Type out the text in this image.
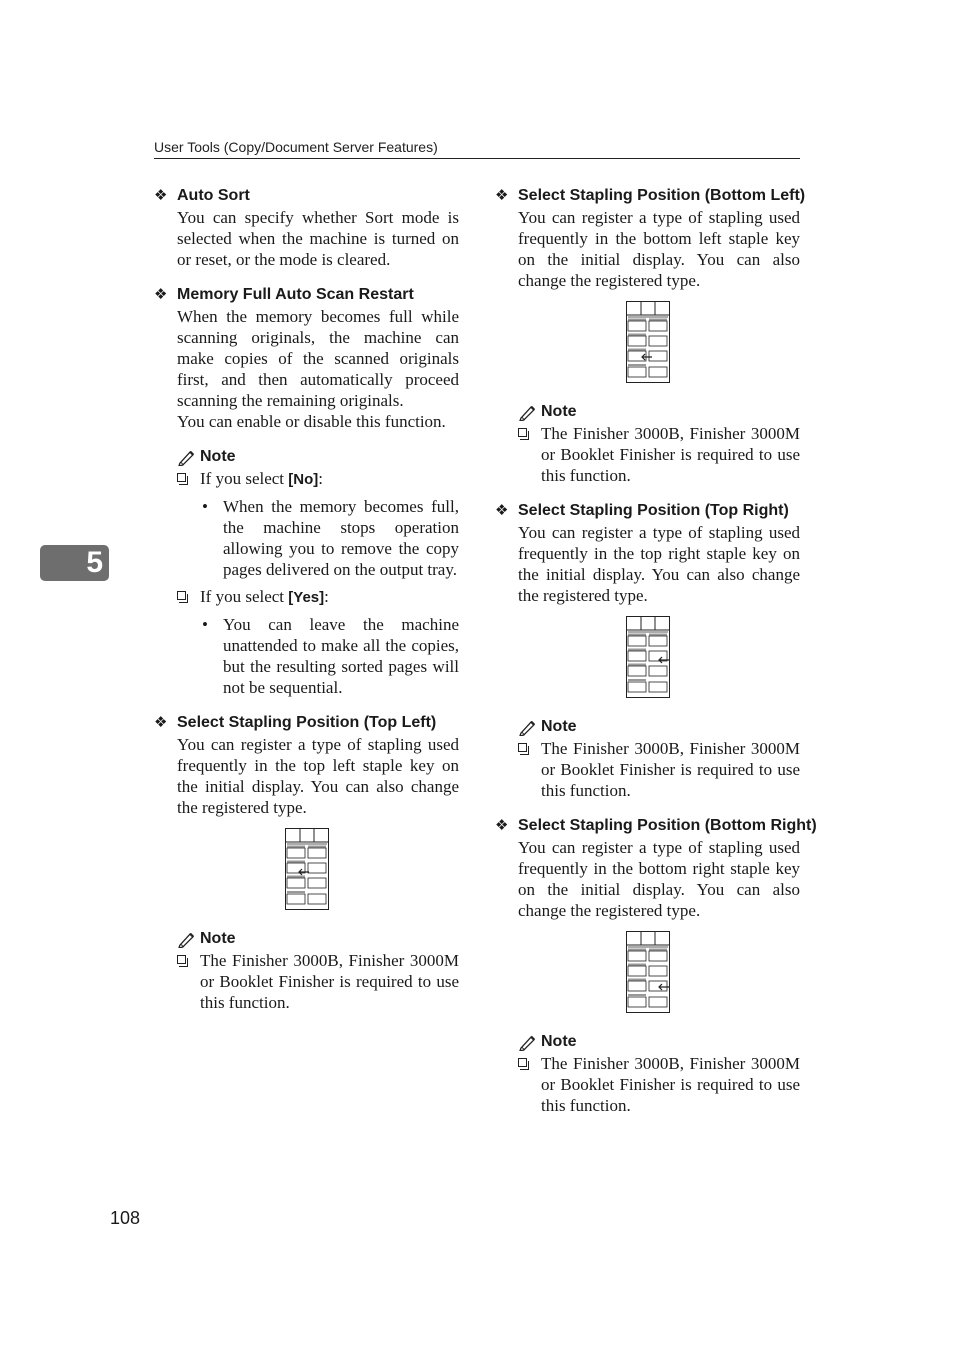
User Tools (Copy/Document Server Features)
5
108
❖ Auto Sort
You can specify whether Sort mode is selected when the machine is turned on or reset, or the mode is cleared.
❖ Memory Full Auto Scan Restart

When the memory becomes full while scanning originals, the machine can make copies of the scanned originals first, and then automatically proceed scanning the remaining originals.

You can enable or disable this function.

Note
If you select [No]:
• When the memory becomes full, the machine stops operation allowing you to remove the copy pages delivered on the output tray.
If you select [Yes]:
• You can leave the machine unattended to make all the copies, but the resulting sorted pages will not be sequential.
❖ Select Stapling Position (Top Left)
You can register a type of stapling used frequently in the top left staple key on the initial display. You can also change the registered type.
Note
The Finisher 3000B, Finisher 3000M or Booklet Finisher is required to use this function.
❖ Select Stapling Position (Bottom Left)
You can register a type of stapling used frequently in the bottom left staple key on the initial display. You can also change the registered type.
Note
The Finisher 3000B, Finisher 3000M or Booklet Finisher is required to use this function.
❖ Select Stapling Position (Top Right)
You can register a type of stapling used frequently in the top right staple key on the initial display. You can also change the registered type.
Note
The Finisher 3000B, Finisher 3000M or Booklet Finisher is required to use this function.
❖ Select Stapling Position (Bottom Right)
You can register a type of stapling used frequently in the bottom right staple key on the initial display. You can also change the registered type.
Note
The Finisher 3000B, Finisher 3000M or Booklet Finisher is required to use this function.
